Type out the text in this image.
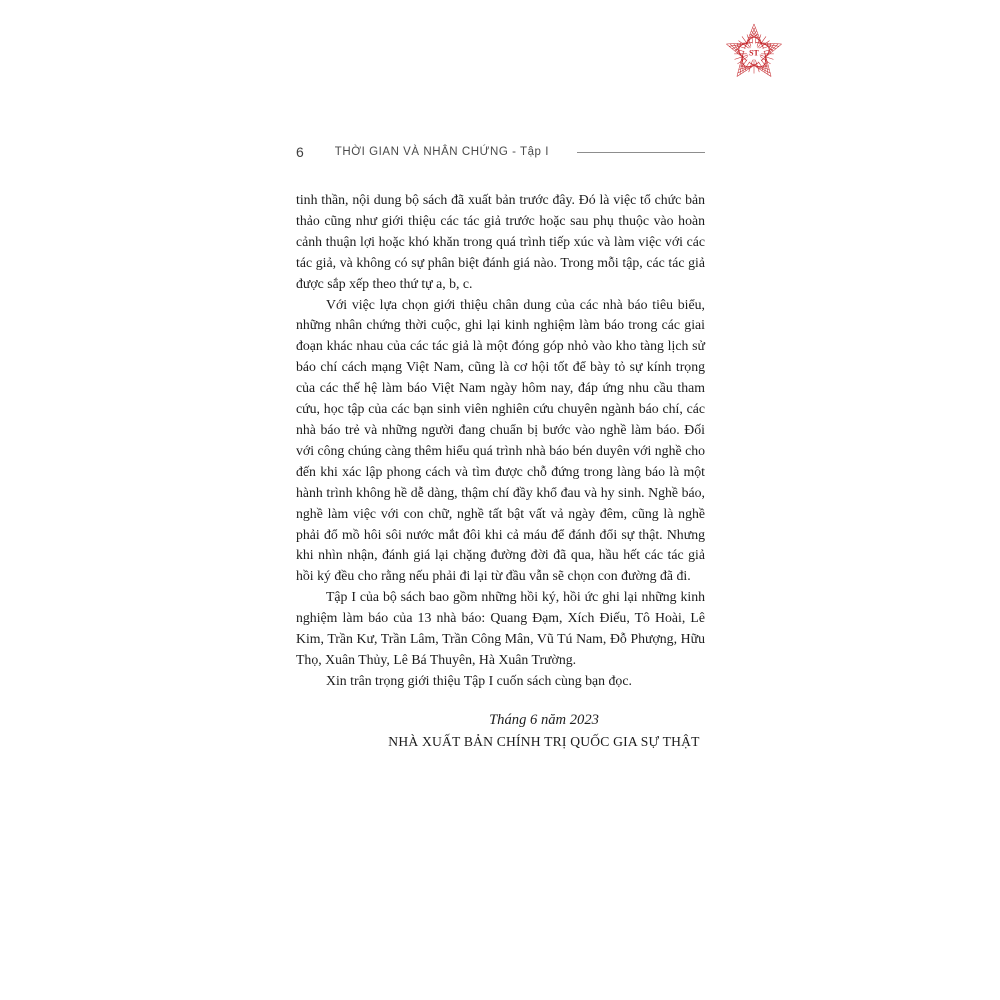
ST
6	THỜI GIAN VÀ NHÂN CHỨNG - Tập I

tinh thần, nội dung bộ sách đã xuất bản trước đây. Đó là việc tổ chức bản thảo cũng như giới thiệu các tác giả trước hoặc sau phụ thuộc vào hoàn cảnh thuận lợi hoặc khó khăn trong quá trình tiếp xúc và làm việc với các tác giả, và không có sự phân biệt đánh giá nào. Trong mỗi tập, các tác giả được sắp xếp theo thứ tự a, b, c.

Với việc lựa chọn giới thiệu chân dung của các nhà báo tiêu biểu, những nhân chứng thời cuộc, ghi lại kinh nghiệm làm báo trong các giai đoạn khác nhau của các tác giả là một đóng góp nhỏ vào kho tàng lịch sử báo chí cách mạng Việt Nam, cũng là cơ hội tốt để bày tỏ sự kính trọng của các thế hệ làm báo Việt Nam ngày hôm nay, đáp ứng nhu cầu tham cứu, học tập của các bạn sinh viên nghiên cứu chuyên ngành báo chí, các nhà báo trẻ và những người đang chuẩn bị bước vào nghề làm báo. Đối với công chúng càng thêm hiểu quá trình nhà báo bén duyên với nghề cho đến khi xác lập phong cách và tìm được chỗ đứng trong làng báo là một hành trình không hề dễ dàng, thậm chí đầy khổ đau và hy sinh. Nghề báo, nghề làm việc với con chữ, nghề tất bật vất vả ngày đêm, cũng là nghề phải đổ mồ hôi sôi nước mắt đôi khi cả máu để đánh đổi sự thật. Nhưng khi nhìn nhận, đánh giá lại chặng đường đời đã qua, hầu hết các tác giả hồi ký đều cho rằng nếu phải đi lại từ đầu vẫn sẽ chọn con đường đã đi.

Tập I của bộ sách bao gồm những hồi ký, hồi ức ghi lại những kinh nghiệm làm báo của 13 nhà báo: Quang Đạm, Xích Điếu, Tô Hoài, Lê Kim, Trần Kư, Trần Lâm, Trần Công Mân, Vũ Tú Nam, Đỗ Phượng, Hữu Thọ, Xuân Thủy, Lê Bá Thuyên, Hà Xuân Trường.

Xin trân trọng giới thiệu Tập I cuốn sách cùng bạn đọc.

Tháng 6 năm 2023
NHÀ XUẤT BẢN CHÍNH TRỊ QUỐC GIA SỰ THẬT
